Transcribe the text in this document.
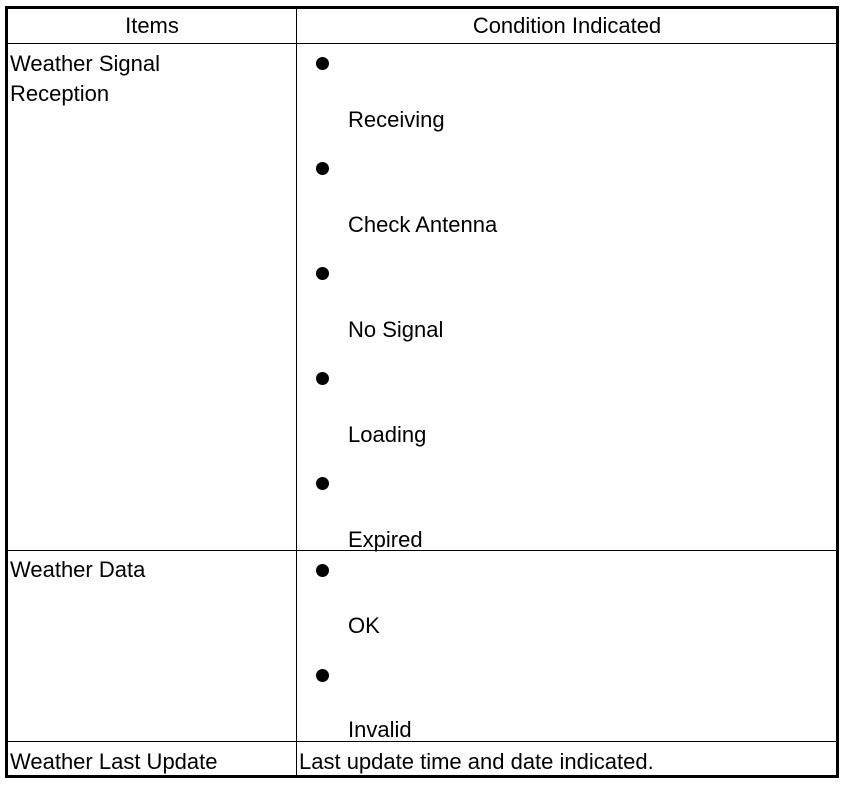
Items	Condition Indicated
Weather Signal
Reception
Receiving
Check Antenna
No Signal
Loading
Expired
Weather Data
OK
Invalid
Weather Last Update	Last update time and date indicated.
